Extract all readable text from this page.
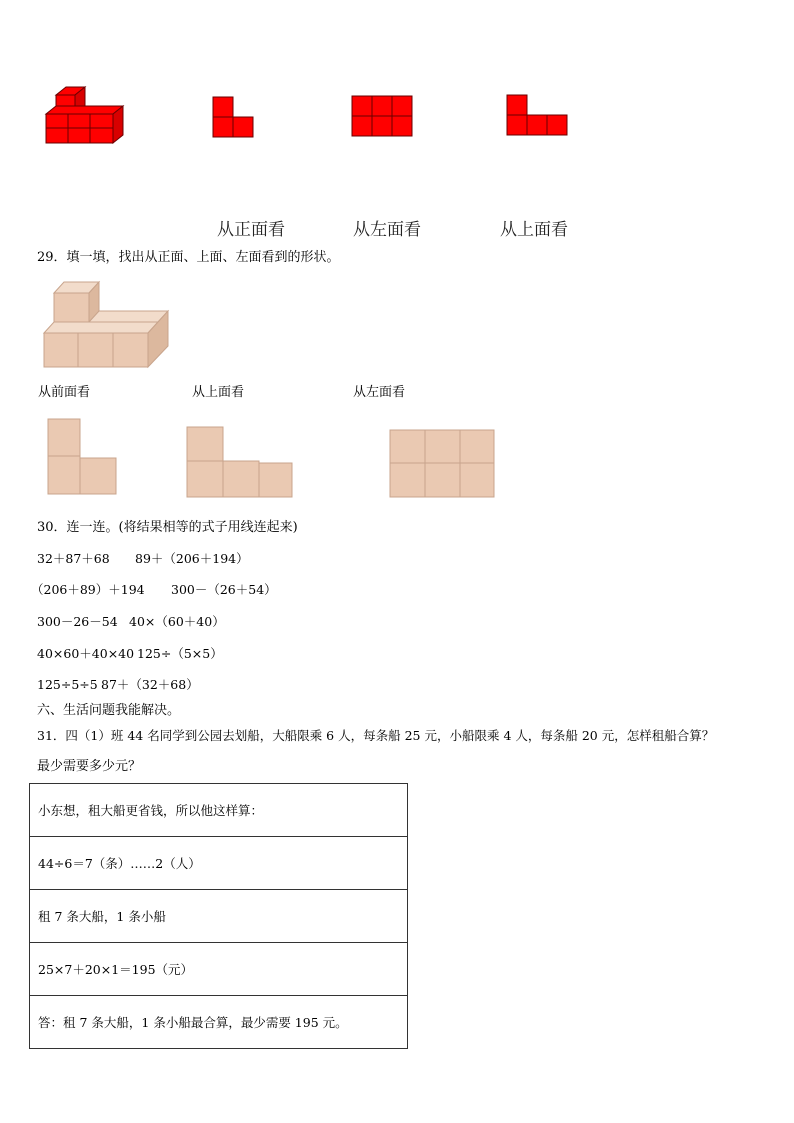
从正面看	从左面看	从上面看
29．填一填，找出从正面、上面、左面看到的形状。
从前面看	从上面看	从左面看
30．连一连。(将结果相等的式子用线连起来)
32＋87＋68 89＋（206＋194）
（206＋89）＋194 300－（26＋54）
300－26－54 40×（60＋40）
40×60＋40×40 125÷（5×5）
125÷5÷5 87＋（32＋68）
六、生活问题我能解决。
31．四（1）班 44 名同学到公园去划船，大船限乘 6 人，每条船 25 元，小船限乘 4 人，每条船 20 元，怎样租船合算？
最少需要多少元？
小东想，租大船更省钱，所以他这样算：
44÷6＝7（条）……2（人）
租 7 条大船，1 条小船
25×7＋20×1＝195（元）
答：租 7 条大船，1 条小船最合算，最少需要 195 元。
